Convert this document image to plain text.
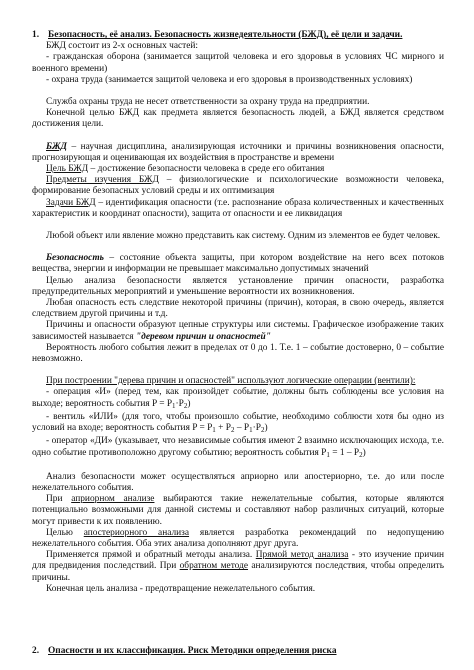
1. Безопасность, её анализ. Безопасность жизнедеятельности (БЖД), её цели и задачи.

БЖД состоит из 2-х основных частей:

- гражданская оборона (занимается защитой человека и его здоровья в условиях ЧС мирного и военного времени)

- охрана труда (занимается защитой человека и его здоровья в производственных условиях)

Служба охраны труда не несет ответственности за охрану труда на предприятии.

Конечной целью БЖД как предмета является безопасность людей, а БЖД является средством достижения цели.

БЖД – научная дисциплина, анализирующая источники и причины возникновения опасности, прогнозирующая и оценивающая их воздействия в пространстве и времени

Цель БЖД – достижение безопасности человека в среде его обитания

Предметы изучения БЖД – физиологические и психологические возможности человека, формирование безопасных условий среды и их оптимизация

Задачи БЖД – идентификация опасности (т.е. распознание образа количественных и качественных характеристик и координат опасности), защита от опасности и ее ликвидация

Любой объект или явление можно представить как систему. Одним из элементов ее будет человек.

Безопасность – состояние объекта защиты, при котором воздействие на него всех потоков вещества, энергии и информации не превышает максимально допустимых значений

Целью анализа безопасности является установление причин опасности, разработка предупредительных мероприятий и уменьшение вероятности их возникновения.

Любая опасность есть следствие некоторой причины (причин), которая, в свою очередь, является следствием другой причины и т.д.

Причины и опасности образуют цепные структуры или системы. Графическое изображение таких зависимостей называется "деревом причин и опасностей"

Вероятность любого события лежит в пределах от 0 до 1. Т.е. 1 – событие достоверно, 0 – событие невозможно.

При построении "дерева причин и опасностей" используют логические операции (вентили):

- операция «И» (перед тем, как произойдет событие, должны быть соблюдены все условия на выходе; вероятность события $P = P_1\cdot P_2$)

- вентиль «ИЛИ» (для того, чтобы произошло событие, необходимо соблюсти хотя бы одно из условий на входе; вероятность события $P = P_1 + P_2 - P_1\cdot P_2$)

- оператор «ДИ» (указывает, что независимые события имеют 2 взаимно исключающих исхода, т.е. одно событие противоположно другому событию; вероятность события $P_1 = 1 - P_2$)

Анализ безопасности может осуществляться априорно или апостериорно, т.е. до или после нежелательного события.

При априорном анализе выбираются такие нежелательные события, которые являются потенциально возможными для данной системы и составляют набор различных ситуаций, которые могут привести к их появлению.

Целью апостериорного анализа является разработка рекомендаций по недопущению нежелательного события. Оба этих анализа дополняют друг друга.

Применяется прямой и обратный методы анализа. Прямой метод анализа - это изучение причин для предвидения последствий. При обратном методе анализируются последствия, чтобы определить причины.

Конечная цель анализа - предотвращение нежелательного события.

2. Опасности и их классификация. Риск Методики определения риска
